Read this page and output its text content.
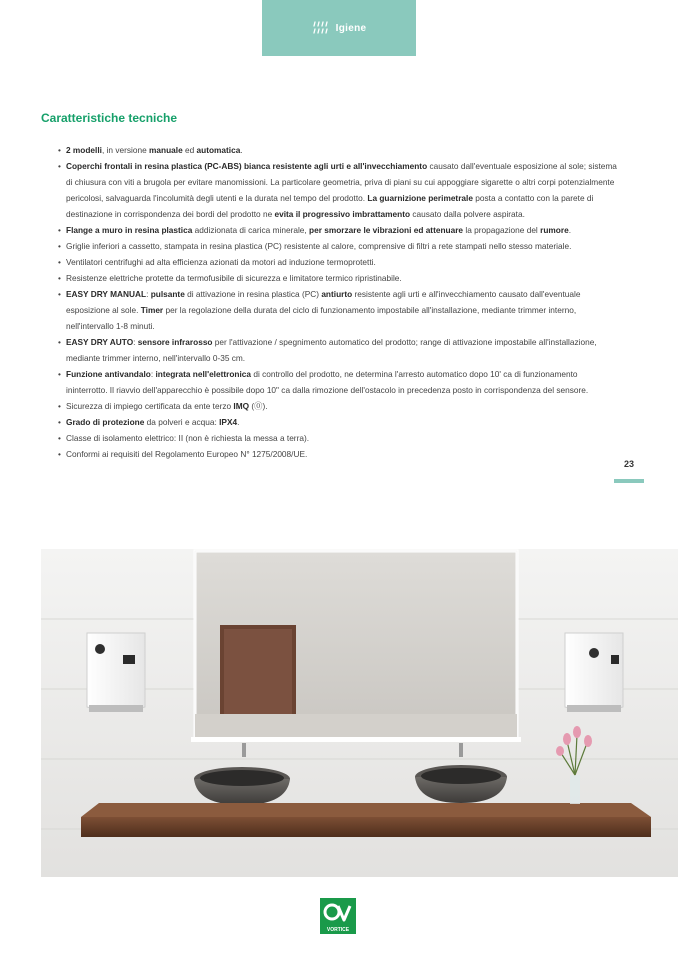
Igiene
Caratteristiche tecniche
• 2 modelli, in versione manuale ed automatica.
• Coperchi frontali in resina plastica (PC-ABS) bianca resistente agli urti e all'invecchiamento causato dall'eventuale esposizione al sole; sistema di chiusura con viti a brugola per evitare manomissioni. La particolare geometria, priva di piani su cui appoggiare sigarette o altri corpi potenzialmente pericolosi, salvaguarda l'incolumità degli utenti e la durata nel tempo del prodotto. La guarnizione perimetrale posta a contatto con la parete di destinazione in corrispondenza dei bordi del prodotto ne evita il progressivo imbrattamento causato dalla polvere aspirata.
• Flange a muro in resina plastica addizionata di carica minerale, per smorzare le vibrazioni ed attenuare la propagazione del rumore.
• Griglie inferiori a cassetto, stampata in resina plastica (PC) resistente al calore, comprensive di filtri a rete stampati nello stesso materiale.
• Ventilatori centrifughi ad alta efficienza azionati da motori ad induzione termoprotetti.
• Resistenze elettriche protette da termofusibile di sicurezza e limitatore termico ripristinabile.
• EASY DRY MANUAL: pulsante di attivazione in resina plastica (PC) antiurto resistente agli urti e all'invecchiamento causato dall'eventuale esposizione al sole. Timer per la regolazione della durata del ciclo di funzionamento impostabile all'installazione, mediante trimmer interno, nell'intervallo 1-8 minuti.
• EASY DRY AUTO: sensore infrarosso per l'attivazione / spegnimento automatico del prodotto; range di attivazione impostabile all'installazione, mediante trimmer interno, nell'intervallo 0-35 cm.
• Funzione antivandalo: integrata nell'elettronica di controllo del prodotto, ne determina l'arresto automatico dopo 10' ca di funzionamento ininterrotto. Il riavvio dell'apparecchio è possibile dopo 10" ca dalla rimozione dell'ostacolo in precedenza posto in corrispondenza del sensore.
• Sicurezza di impiego certificata da ente terzo IMQ (⓪).
• Grado di protezione da polveri e acqua: IPX4.
• Classe di isolamento elettrico: II (non è richiesta la messa a terra).
• Conformi ai requisiti del Regolamento Europeo N° 1275/2008/UE.
23
VORTICE
